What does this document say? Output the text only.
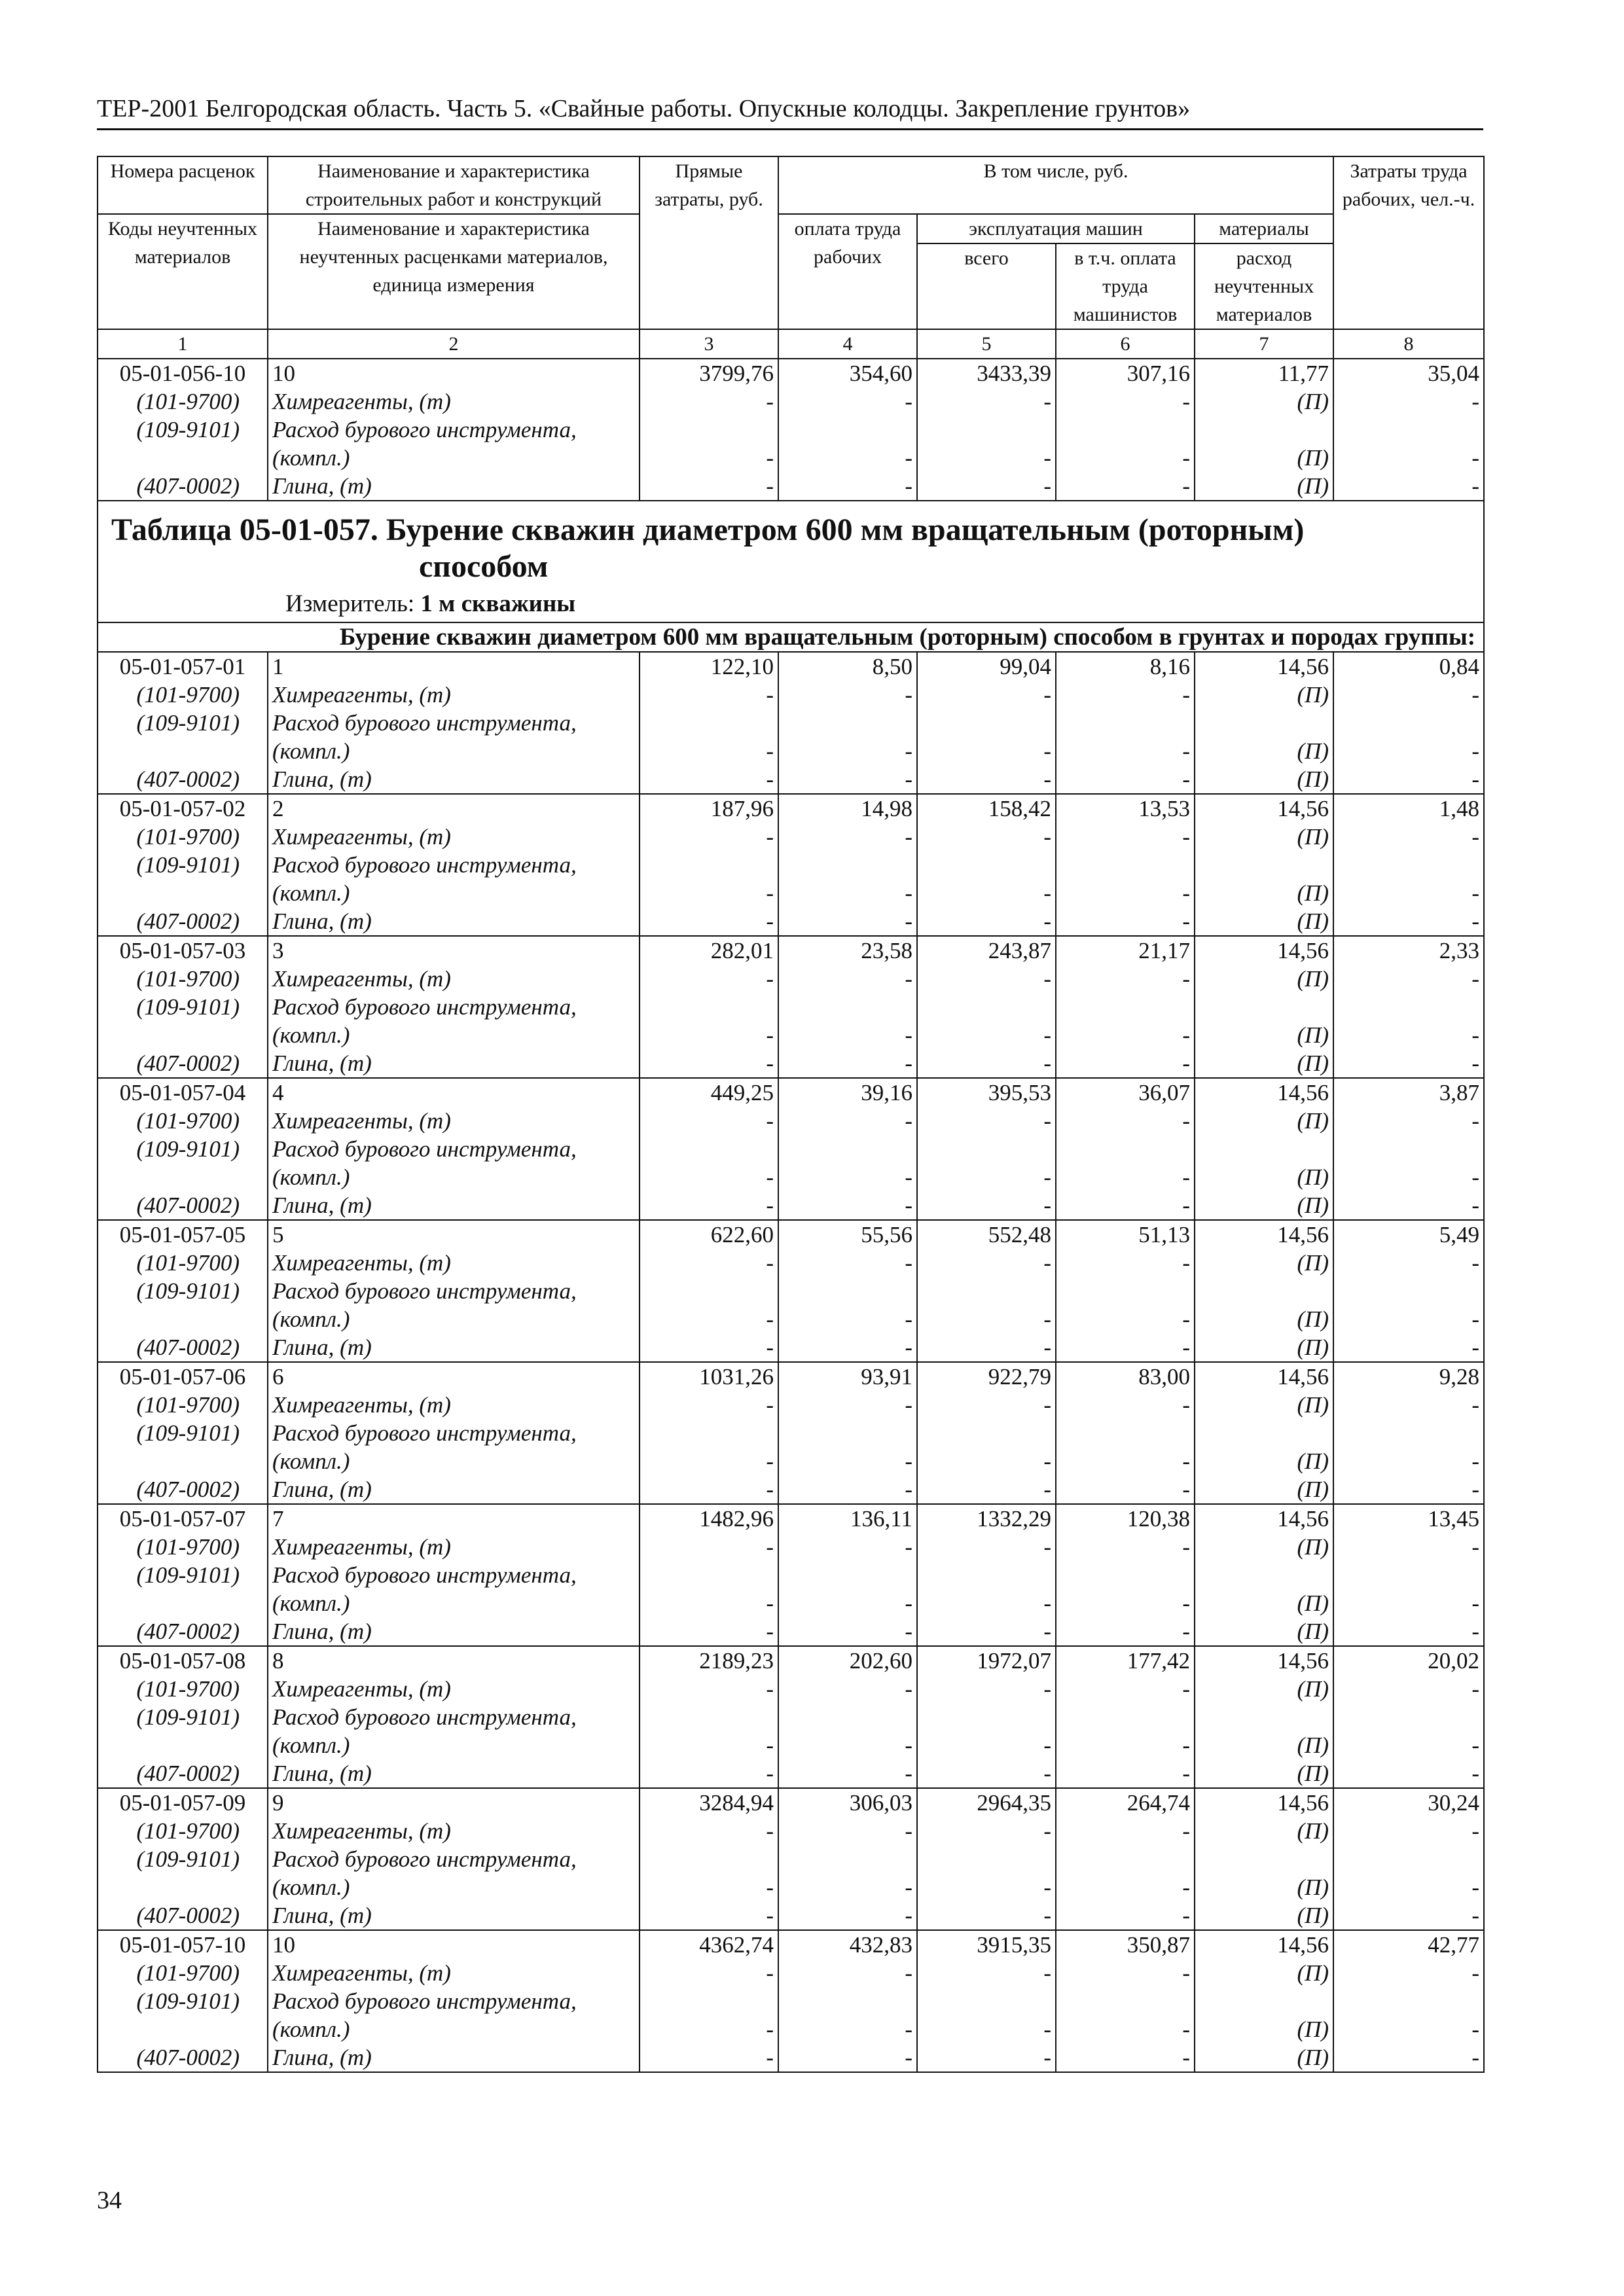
ТЕР-2001 Белгородская область. Часть 5. «Свайные работы. Опускные колодцы. Закрепление грунтов»
Номера расценок	Наименование и характеристика строительных работ и конструкций	Прямые затраты, руб.	В том числе, руб.				Затраты труда рабочих, чел.-ч.
Коды неучтенных материалов	Наименование и характеристика неучтенных расценками материалов, единица измерения		оплата труда рабочих	эксплуатация машин		материалы	
				всего	в т.ч. оплата труда машинистов	расход неучтенных материалов	
1	2	3	4	5	6	7	8
05-01-056-10	10	3799,76	354,60	3433,39	307,16	11,77	35,04
(101-9700)	Химреагенты, (т)	-	-	-	-	(П)	-
(109-9101)	Расход бурового инструмента,						
	(компл.)	-	-	-	-	(П)	-
(407-0002)	Глина, (т)	-	-	-	-	(П)	-

Таблица 05-01-057. Бурение скважин диаметром 600 мм вращательным (роторным)
способом
Измеритель: 1 м скважины							

	Бурение скважин диаметром 600 мм вращательным (роторным) способом в грунтах и породах группы:						
05-01-057-01	1	122,10	8,50	99,04	8,16	14,56	0,84
(101-9700)	Химреагенты, (т)	-	-	-	-	(П)	-
(109-9101)	Расход бурового инструмента,						
	(компл.)	-	-	-	-	(П)	-
(407-0002)	Глина, (т)	-	-	-	-	(П)	-
05-01-057-02	2	187,96	14,98	158,42	13,53	14,56	1,48
(101-9700)	Химреагенты, (т)	-	-	-	-	(П)	-
(109-9101)	Расход бурового инструмента,						
	(компл.)	-	-	-	-	(П)	-
(407-0002)	Глина, (т)	-	-	-	-	(П)	-
05-01-057-03	3	282,01	23,58	243,87	21,17	14,56	2,33
(101-9700)	Химреагенты, (т)	-	-	-	-	(П)	-
(109-9101)	Расход бурового инструмента,						
	(компл.)	-	-	-	-	(П)	-
(407-0002)	Глина, (т)	-	-	-	-	(П)	-
05-01-057-04	4	449,25	39,16	395,53	36,07	14,56	3,87
(101-9700)	Химреагенты, (т)	-	-	-	-	(П)	-
(109-9101)	Расход бурового инструмента,						
	(компл.)	-	-	-	-	(П)	-
(407-0002)	Глина, (т)	-	-	-	-	(П)	-
05-01-057-05	5	622,60	55,56	552,48	51,13	14,56	5,49
(101-9700)	Химреагенты, (т)	-	-	-	-	(П)	-
(109-9101)	Расход бурового инструмента,						
	(компл.)	-	-	-	-	(П)	-
(407-0002)	Глина, (т)	-	-	-	-	(П)	-
05-01-057-06	6	1031,26	93,91	922,79	83,00	14,56	9,28
(101-9700)	Химреагенты, (т)	-	-	-	-	(П)	-
(109-9101)	Расход бурового инструмента,						
	(компл.)	-	-	-	-	(П)	-
(407-0002)	Глина, (т)	-	-	-	-	(П)	-
05-01-057-07	7	1482,96	136,11	1332,29	120,38	14,56	13,45
(101-9700)	Химреагенты, (т)	-	-	-	-	(П)	-
(109-9101)	Расход бурового инструмента,						
	(компл.)	-	-	-	-	(П)	-
(407-0002)	Глина, (т)	-	-	-	-	(П)	-
05-01-057-08	8	2189,23	202,60	1972,07	177,42	14,56	20,02
(101-9700)	Химреагенты, (т)	-	-	-	-	(П)	-
(109-9101)	Расход бурового инструмента,						
	(компл.)	-	-	-	-	(П)	-
(407-0002)	Глина, (т)	-	-	-	-	(П)	-
05-01-057-09	9	3284,94	306,03	2964,35	264,74	14,56	30,24
(101-9700)	Химреагенты, (т)	-	-	-	-	(П)	-
(109-9101)	Расход бурового инструмента,						
	(компл.)	-	-	-	-	(П)	-
(407-0002)	Глина, (т)	-	-	-	-	(П)	-
05-01-057-10	10	4362,74	432,83	3915,35	350,87	14,56	42,77
(101-9700)	Химреагенты, (т)	-	-	-	-	(П)	-
(109-9101)	Расход бурового инструмента,						
	(компл.)	-	-	-	-	(П)	-
(407-0002)	Глина, (т)	-	-	-	-	(П)	-
34
